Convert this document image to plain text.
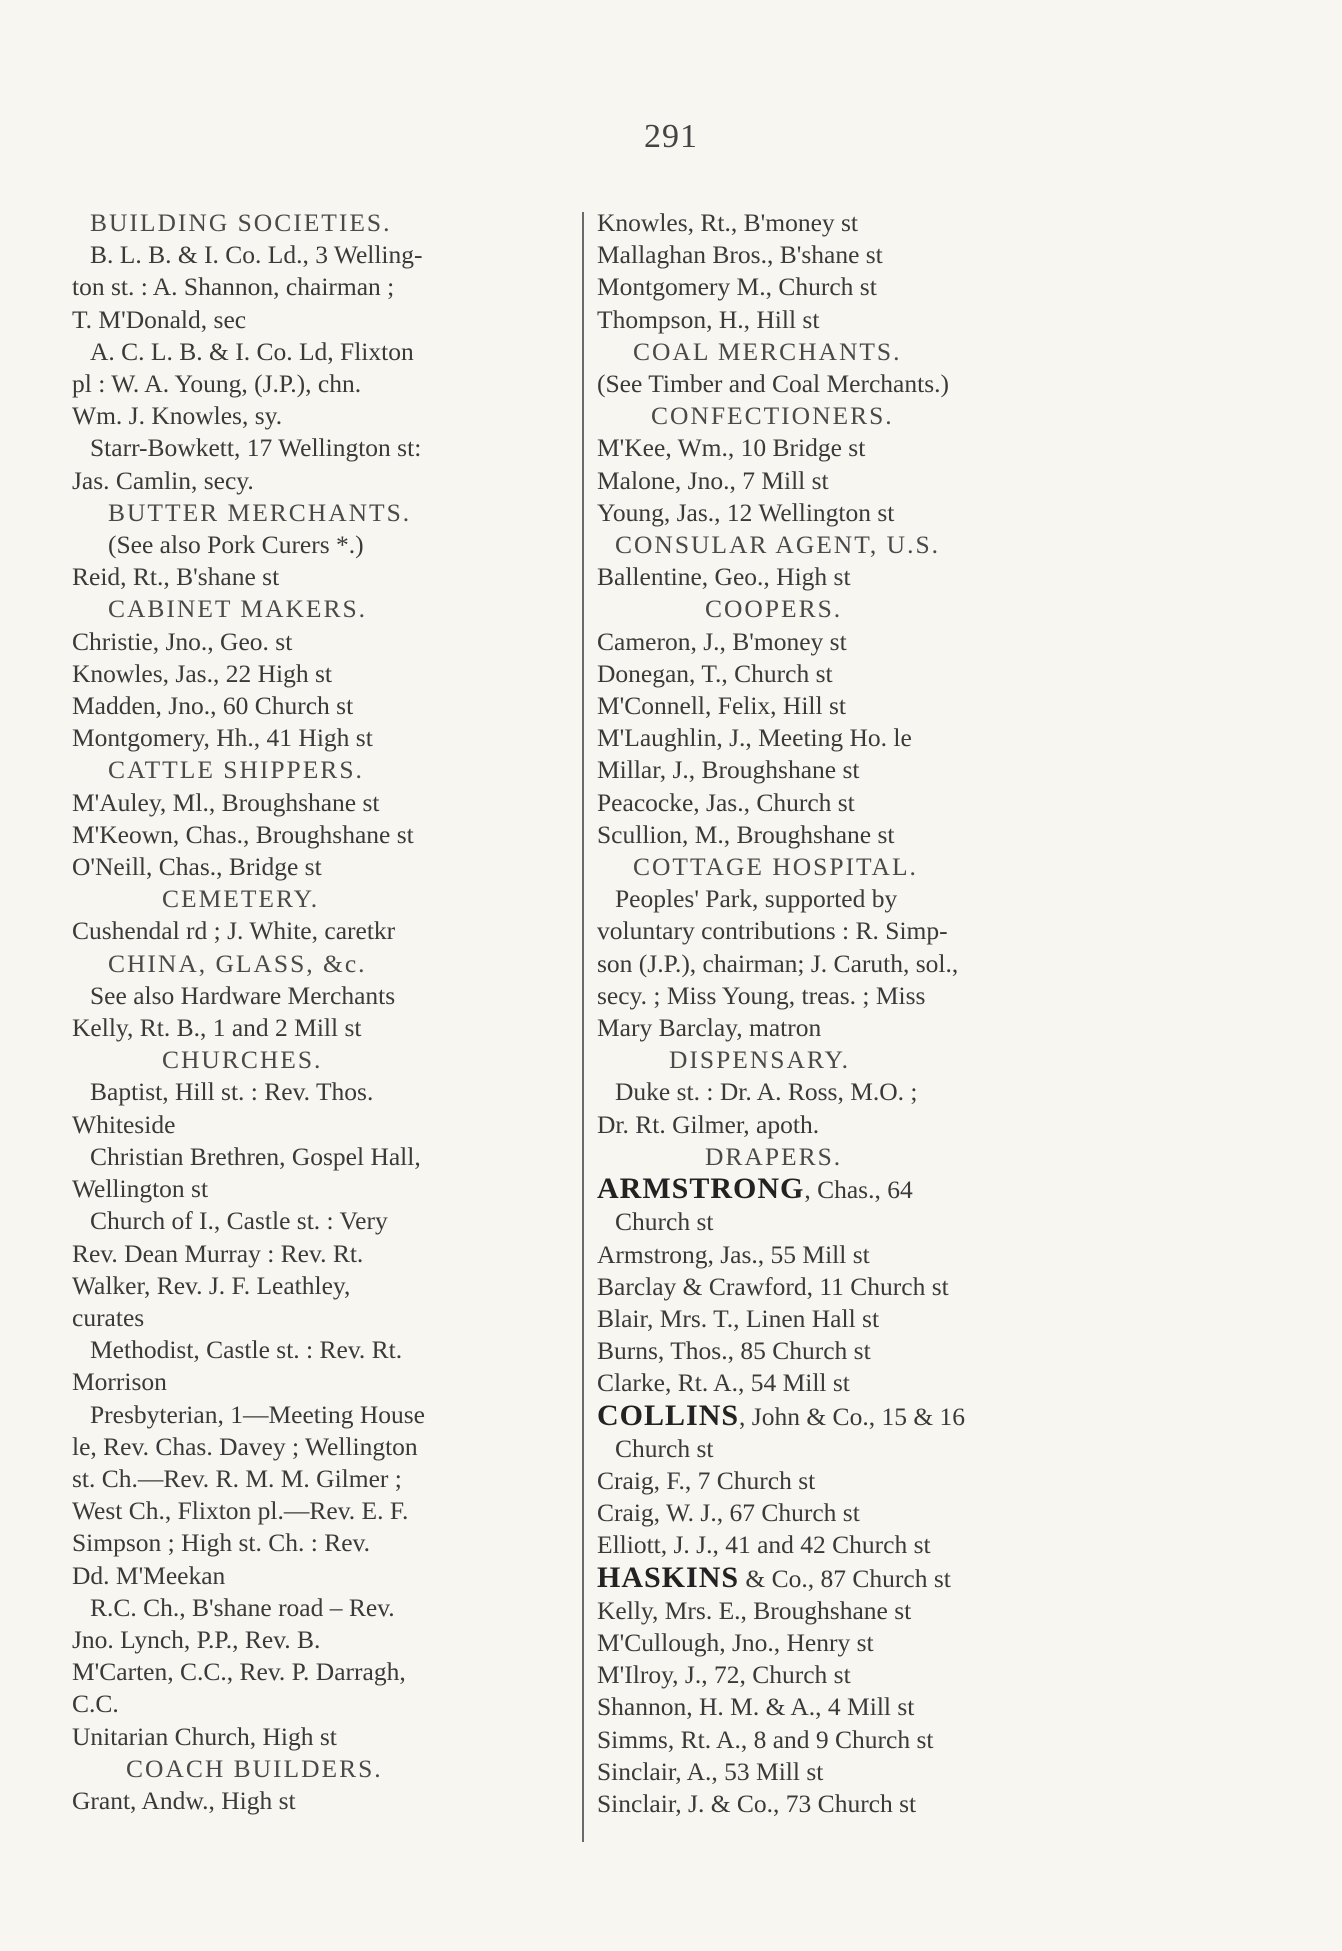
291
BUILDING SOCIETIES.
B. L. B. & I. Co. Ld., 3 Welling-
ton st. : A. Shannon, chairman ;
T. M'Donald, sec
A. C. L. B. & I. Co. Ld, Flixton
pl : W. A. Young, (J.P.), chn.
Wm. J. Knowles, sy.
Starr-Bowkett, 17 Wellington st:
Jas. Camlin, secy.
BUTTER MERCHANTS.
(See also Pork Curers *.)
Reid, Rt., B'shane st
CABINET MAKERS.
Christie, Jno., Geo. st
Knowles, Jas., 22 High st
Madden, Jno., 60 Church st
Montgomery, Hh., 41 High st
CATTLE SHIPPERS.
M'Auley, Ml., Broughshane st
M'Keown, Chas., Broughshane st
O'Neill, Chas., Bridge st
CEMETERY.
Cushendal rd ; J. White, caretkr
CHINA, GLASS, &c.
See also Hardware Merchants
Kelly, Rt. B., 1 and 2 Mill st
CHURCHES.
Baptist, Hill st. : Rev. Thos.
Whiteside
Christian Brethren, Gospel Hall,
Wellington st
Church of I., Castle st. : Very
Rev. Dean Murray : Rev. Rt.
Walker, Rev. J. F. Leathley,
curates
Methodist, Castle st. : Rev. Rt.
Morrison
Presbyterian, 1—Meeting House
le, Rev. Chas. Davey ; Wellington
st. Ch.—Rev. R. M. M. Gilmer ;
West Ch., Flixton pl.—Rev. E. F.
Simpson ; High st. Ch. : Rev.
Dd. M'Meekan
R.C. Ch., B'shane road – Rev.
Jno. Lynch, P.P., Rev. B.
M'Carten, C.C., Rev. P. Darragh,
C.C.
Unitarian Church, High st
COACH BUILDERS.
Grant, Andw., High st
Knowles, Rt., B'money st
Mallaghan Bros., B'shane st
Montgomery M., Church st
Thompson, H., Hill st
COAL MERCHANTS.
(See Timber and Coal Merchants.)
CONFECTIONERS.
M'Kee, Wm., 10 Bridge st
Malone, Jno., 7 Mill st
Young, Jas., 12 Wellington st
CONSULAR AGENT, U.S.
Ballentine, Geo., High st
COOPERS.
Cameron, J., B'money st
Donegan, T., Church st
M'Connell, Felix, Hill st
M'Laughlin, J., Meeting Ho. le
Millar, J., Broughshane st
Peacocke, Jas., Church st
Scullion, M., Broughshane st
COTTAGE HOSPITAL.
Peoples' Park, supported by
voluntary contributions : R. Simp-
son (J.P.), chairman; J. Caruth, sol.,
secy. ; Miss Young, treas. ; Miss
Mary Barclay, matron
DISPENSARY.
Duke st. : Dr. A. Ross, M.O. ;
Dr. Rt. Gilmer, apoth.
DRAPERS.
ARMSTRONG, Chas., 64
Church st
Armstrong, Jas., 55 Mill st
Barclay & Crawford, 11 Church st
Blair, Mrs. T., Linen Hall st
Burns, Thos., 85 Church st
Clarke, Rt. A., 54 Mill st
COLLINS, John & Co., 15 & 16
Church st
Craig, F., 7 Church st
Craig, W. J., 67 Church st
Elliott, J. J., 41 and 42 Church st
HASKINS & Co., 87 Church st
Kelly, Mrs. E., Broughshane st
M'Cullough, Jno., Henry st
M'Ilroy, J., 72, Church st
Shannon, H. M. & A., 4 Mill st
Simms, Rt. A., 8 and 9 Church st
Sinclair, A., 53 Mill st
Sinclair, J. & Co., 73 Church st
